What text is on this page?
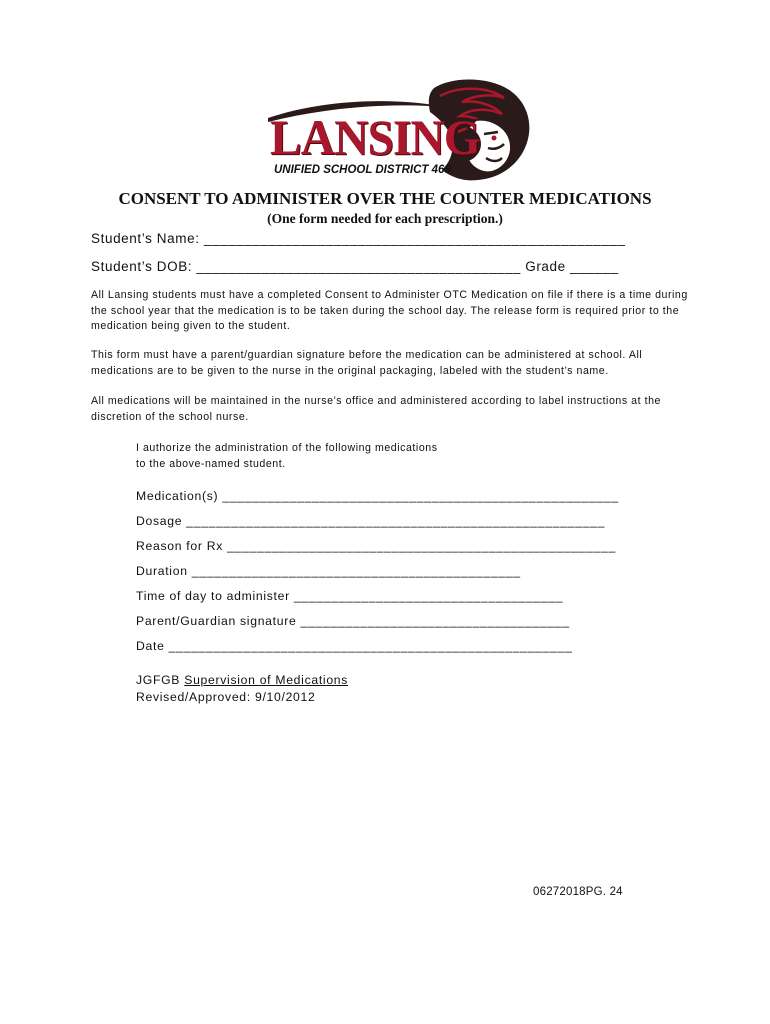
LANSING
UNIFIED SCHOOL DISTRICT 469
CONSENT TO ADMINISTER OVER THE COUNTER MEDICATIONS
(One form needed for each prescription.)
Student’s Name: ____________________________________________________
Student’s DOB: ________________________________________ Grade ______

All Lansing students must have a completed Consent to Administer OTC Medication on file if there is a time during the school year that the medication is to be taken during the school day. The release form is required prior to the medication being given to the student.

This form must have a parent/guardian signature before the medication can be administered at school. All medications are to be given to the nurse in the original packaging, labeled with the student’s name.

All medications will be maintained in the nurse’s office and administered according to label instructions at the discretion of the school nurse.

I authorize the administration of the following medications
to the above-named student.
Medication(s) _____________________________________________________
Dosage ________________________________________________________
Reason for Rx ____________________________________________________
Duration ____________________________________________
Time of day to administer ____________________________________
Parent/Guardian signature ____________________________________
Date ______________________________________________________
JGFGB Supervision of Medications
Revised/Approved: 9/10/2012
06272018PG. 24
